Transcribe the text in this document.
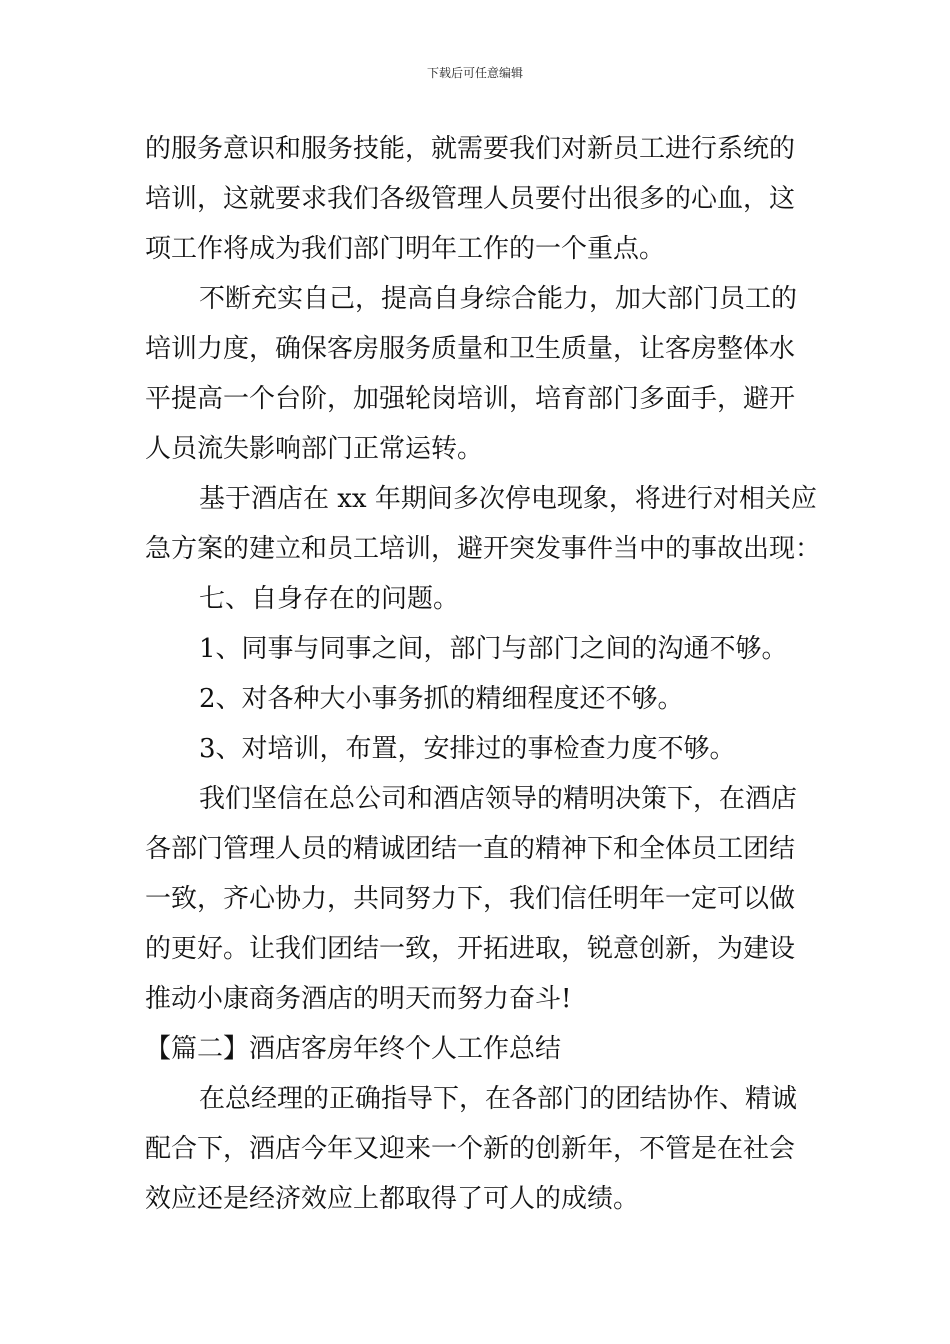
下载后可任意编辑
的服务意识和服务技能，就需要我们对新员工进行系统的
培训，这就要求我们各级管理人员要付出很多的心血，这
项工作将成为我们部门明年工作的一个重点。
不断充实自己，提高自身综合能力，加大部门员工的
培训力度，确保客房服务质量和卫生质量，让客房整体水
平提高一个台阶，加强轮岗培训，培育部门多面手，避开
人员流失影响部门正常运转。
基于酒店在 xx 年期间多次停电现象，将进行对相关应
急方案的建立和员工培训，避开突发事件当中的事故出现：
七、自身存在的问题。
1、同事与同事之间，部门与部门之间的沟通不够。
2、对各种大小事务抓的精细程度还不够。
3、对培训，布置，安排过的事检查力度不够。
我们坚信在总公司和酒店领导的精明决策下，在酒店
各部门管理人员的精诚团结一直的精神下和全体员工团结
一致，齐心协力，共同努力下，我们信任明年一定可以做
的更好。让我们团结一致，开拓进取，锐意创新，为建设
推动小康商务酒店的明天而努力奋斗!
【篇二】酒店客房年终个人工作总结
在总经理的正确指导下，在各部门的团结协作、精诚
配合下，酒店今年又迎来一个新的创新年，不管是在社会
效应还是经济效应上都取得了可人的成绩。
